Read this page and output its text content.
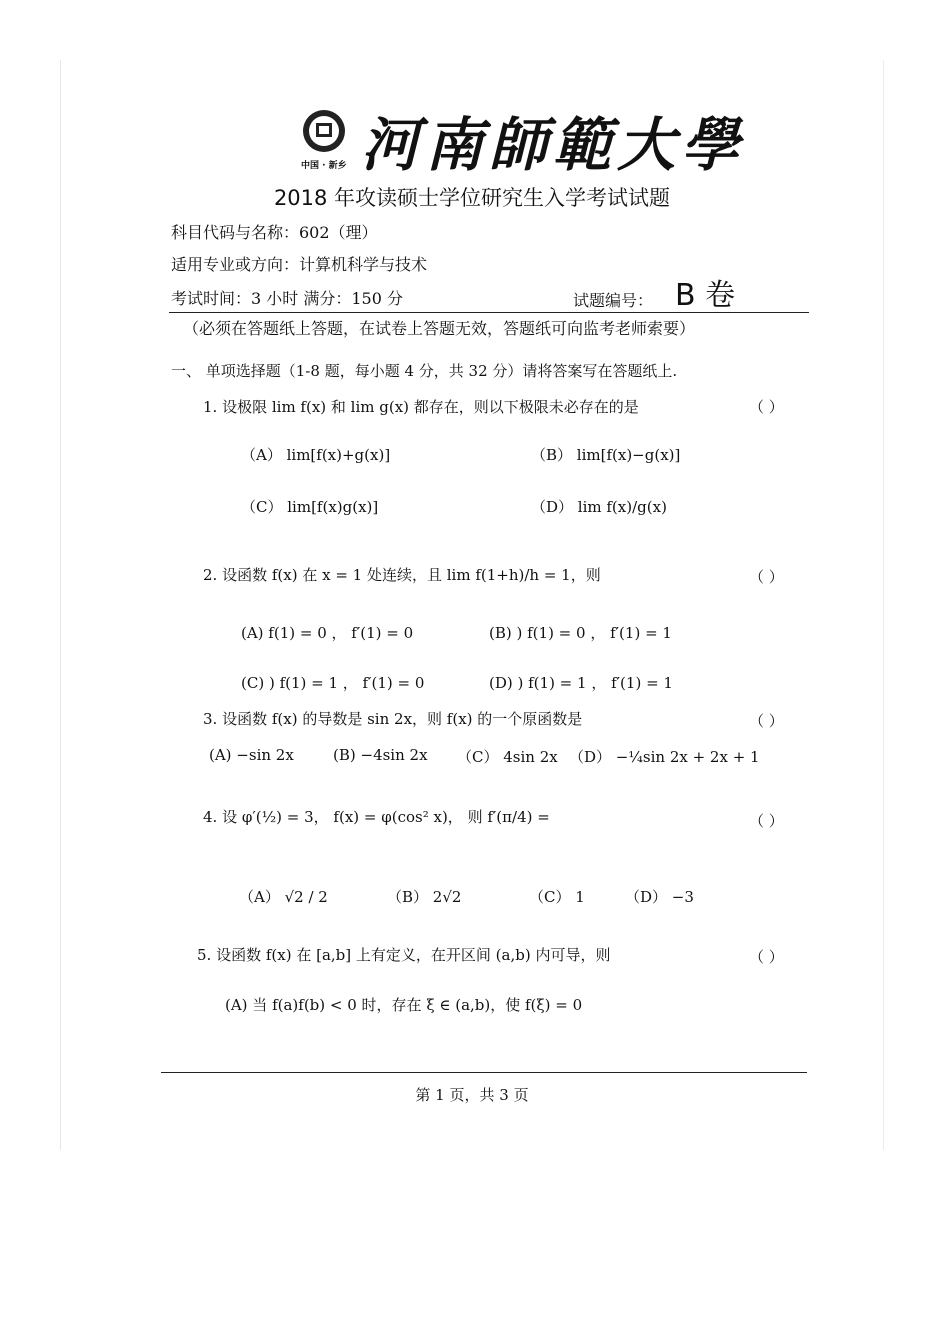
中国 · 新乡 河南師範大學
2018 年攻读硕士学位研究生入学考试试题
科目代码与名称：602（理）
适用专业或方向：计算机科学与技术
考试时间：3 小时 满分：150 分	试题编号： B 卷
（必须在答题纸上答题，在试卷上答题无效，答题纸可向监考老师索要）
一、 单项选择题（1-8 题，每小题 4 分，共 32 分）请将答案写在答题纸上.
1. 设极限 lim f(x) 和 lim g(x) 都存在，则以下极限未必存在的是	（ ）
（A） lim[f(x)+g(x)]	（B） lim[f(x)−g(x)]
（C） lim[f(x)g(x)]	（D） lim f(x)/g(x)
2. 设函数 f(x) 在 x = 1 处连续，且 lim f(1+h)/h = 1，则	（ ）
(A) f(1) = 0 ， f′(1) = 0	(B) ) f(1) = 0 ， f′(1) = 1
(C) ) f(1) = 1 ， f′(1) = 0	(D) ) f(1) = 1 ， f′(1) = 1
3. 设函数 f(x) 的导数是 sin 2x，则 f(x) 的一个原函数是	（ ）
(A) −sin 2x	(B) −4sin 2x （C） 4sin 2x （D） −¼sin 2x + 2x + 1
4. 设 φ′(½) = 3， f(x) = φ(cos² x)， 则 f′(π/4) =	（ ）
（A） √2 / 2	（B） 2√2	（C） 1	（D） −3
5. 设函数 f(x) 在 [a,b] 上有定义，在开区间 (a,b) 内可导，则	（ ）
(A) 当 f(a)f(b) < 0 时，存在 ξ ∈ (a,b)，使 f(ξ) = 0
第 1 页，共 3 页
